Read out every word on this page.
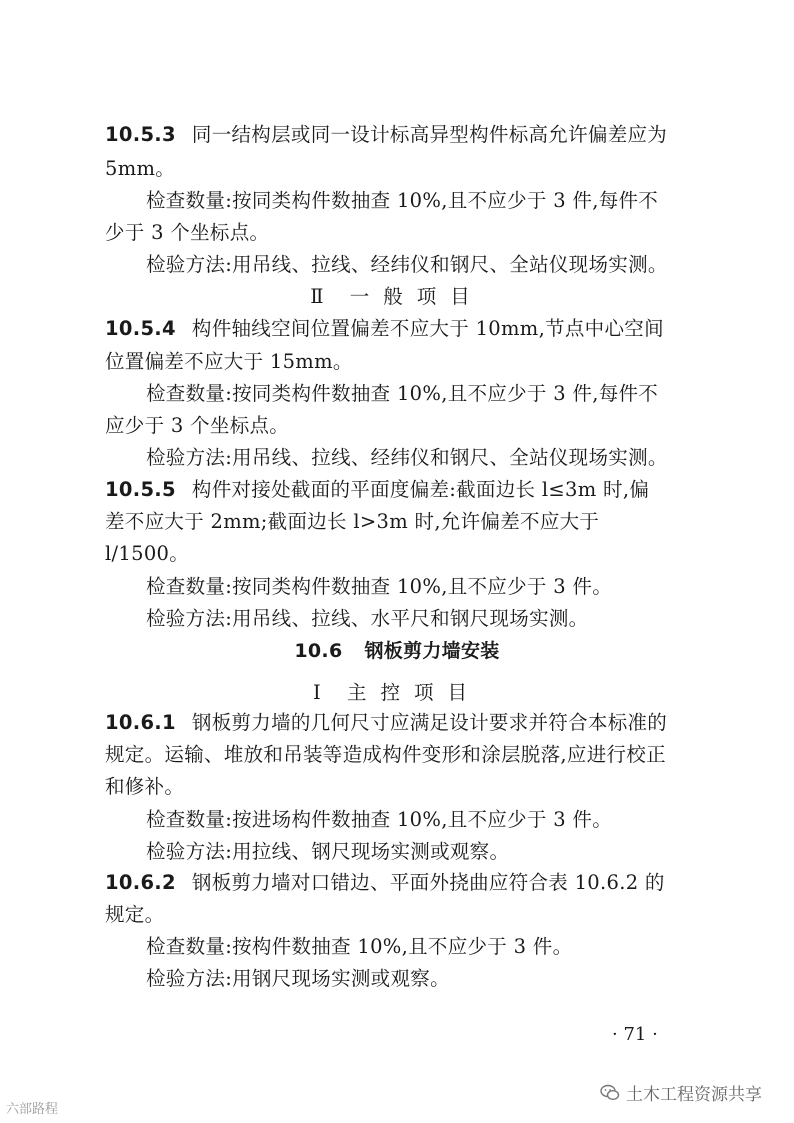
10.5.3 同一结构层或同一设计标高异型构件标高允许偏差应为
5mm。
检查数量:按同类构件数抽查 10%,且不应少于 3 件,每件不
少于 3 个坐标点。
检验方法:用吊线、拉线、经纬仪和钢尺、全站仪现场实测。
Ⅱ 一般项目
10.5.4 构件轴线空间位置偏差不应大于 10mm,节点中心空间
位置偏差不应大于 15mm。
检查数量:按同类构件数抽查 10%,且不应少于 3 件,每件不
应少于 3 个坐标点。
检验方法:用吊线、拉线、经纬仪和钢尺、全站仪现场实测。
10.5.5 构件对接处截面的平面度偏差:截面边长 l≤3m 时,偏
差不应大于 2mm;截面边长 l>3m 时,允许偏差不应大于
l/1500。
检查数量:按同类构件数抽查 10%,且不应少于 3 件。
检验方法:用吊线、拉线、水平尺和钢尺现场实测。
10.6 钢板剪力墙安装
Ⅰ 主控项目
10.6.1 钢板剪力墙的几何尺寸应满足设计要求并符合本标准的
规定。运输、堆放和吊装等造成构件变形和涂层脱落,应进行校正
和修补。
检查数量:按进场构件数抽查 10%,且不应少于 3 件。
检验方法:用拉线、钢尺现场实测或观察。
10.6.2 钢板剪力墙对口错边、平面外挠曲应符合表 10.6.2 的
规定。
检查数量:按构件数抽查 10%,且不应少于 3 件。
检验方法:用钢尺现场实测或观察。
· 71 ·
六部路程
土木工程资源共享
